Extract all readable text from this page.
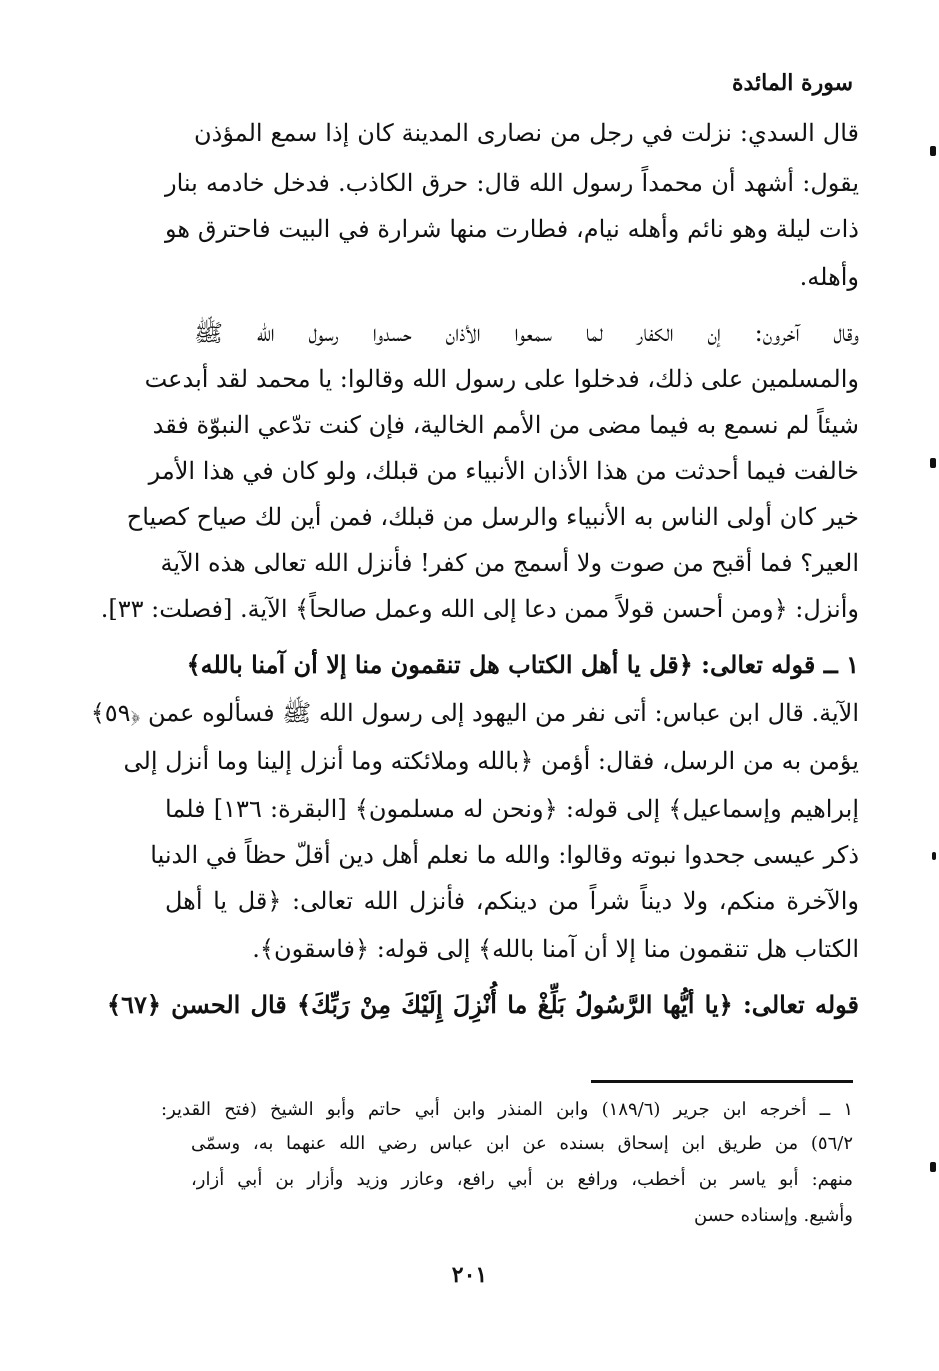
سورة المائدة
قال السدي: نزلت في رجل من نصارى المدينة كان إذا سمع المؤذن
يقول: أشهد أن محمداً رسول الله قال: حرق الكاذب. فدخل خادمه بنار
ذات ليلة وهو نائم وأهله نيام، فطارت منها شرارة في البيت فاحترق هو
وأهله.
وقال آخرون: إن الكفار لما سمعوا الأذان حسدوا رسول الله ﷺ
والمسلمين على ذلك، فدخلوا على رسول الله وقالوا: يا محمد لقد أبدعت
شيئاً لم نسمع به فيما مضى من الأمم الخالية، فإن كنت تدّعي النبوّة فقد
خالفت فيما أحدثت من هذا الأذان الأنبياء من قبلك، ولو كان في هذا الأمر
خير كان أولى الناس به الأنبياء والرسل من قبلك، فمن أين لك صياح كصياح
العير؟ فما أقبح من صوت ولا أسمج من كفر! فأنزل الله تعالى هذه الآية
وأنزل: ﴿ومن أحسن قولاً ممن دعا إلى الله وعمل صالحاً﴾ الآية. [فصلت: ٣٣].
١ ــ قوله تعالى: ﴿قل يا أهل الكتاب هل تنقمون منا إلا أن آمنا بالله﴾
الآية. قال ابن عباس: أتى نفر من اليهود إلى رسول الله ﷺ فسألوه عمن ﴿٥٩﴾
يؤمن به من الرسل، فقال: أؤمن ﴿بالله وملائكته وما أنزل إلينا وما أنزل إلى
إبراهيم وإسماعيل﴾ إلى قوله: ﴿ونحن له مسلمون﴾ [البقرة: ١٣٦] فلما
ذكر عيسى جحدوا نبوته وقالوا: والله ما نعلم أهل دين أقلّ حظاً في الدنيا
والآخرة منكم، ولا ديناً شراً من دينكم، فأنزل الله تعالى: ﴿قل يا أهل
الكتاب هل تنقمون منا إلا أن آمنا بالله﴾ إلى قوله: ﴿فاسقون﴾.
قوله تعالى: ﴿يا أيُّها الرَّسُولُ بَلِّغْ ما أُنْزِلَ إِلَيْكَ مِنْ رَبِّكَ﴾ قال الحسن ﴿٦٧﴾
١ ــ أخرجه ابن جرير (١٨٩/٦) وابن المنذر وابن أبي حاتم وأبو الشيخ (فتح القدير:
٥٦/٢) من طريق ابن إسحاق بسنده عن ابن عباس رضي الله عنهما به، وسمّى
منهم: أبو ياسر بن أخطب، ورافع بن أبي رافع، وعازر وزيد وأزار بن أبي أزار،
وأشيع. وإسناده حسن
٢٠١
